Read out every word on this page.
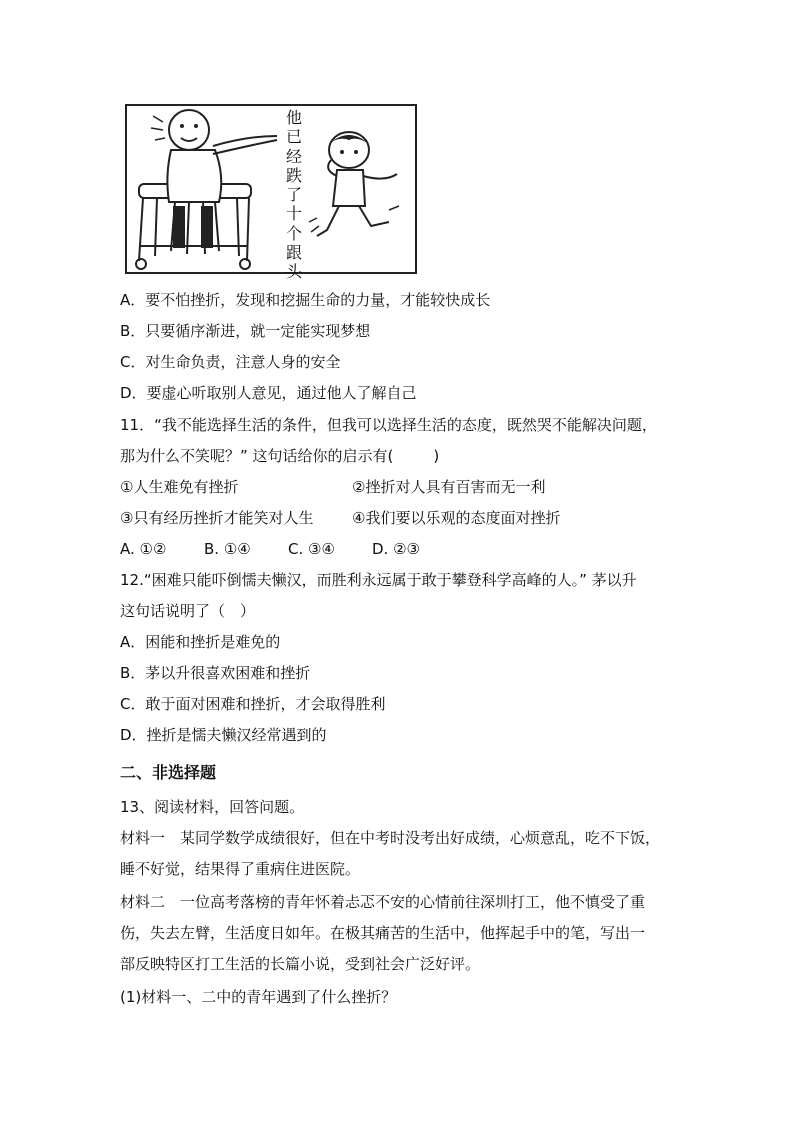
他
已
经
跌
了
十
个
跟
头
A．要不怕挫折，发现和挖掘生命的力量，才能较快成长
B．只要循序渐进，就一定能实现梦想
C．对生命负责，注意人身的安全
D．要虚心听取别人意见，通过他人了解自己
11．“我不能选择生活的条件，但我可以选择生活的态度，既然哭不能解决问题，
那为什么不笑呢？” 这句话给你的启示有(	)
①人生难免有挫折	②挫折对人具有百害而无一利
③只有经历挫折才能笑对人生	④我们要以乐观的态度面对挫折
A. ①②	B. ①④ C. ③④ D. ②③
12.“困难只能吓倒懦夫懒汉，而胜利永远属于敢于攀登科学高峰的人。” 茅以升
这句话说明了（　）
A．困能和挫折是难免的
B．茅以升很喜欢困难和挫折
C．敢于面对困难和挫折，才会取得胜利
D．挫折是懦夫懒汉经常遇到的
二、非选择题
13、阅读材料，回答问题。
材料一　某同学数学成绩很好，但在中考时没考出好成绩，心烦意乱，吃不下饭，
睡不好觉，结果得了重病住进医院。
材料二　一位高考落榜的青年怀着忐忑不安的心情前往深圳打工，他不慎受了重
伤，失去左臂，生活度日如年。在极其痛苦的生活中，他挥起手中的笔，写出一
部反映特区打工生活的长篇小说，受到社会广泛好评。
(1)材料一、二中的青年遇到了什么挫折？
